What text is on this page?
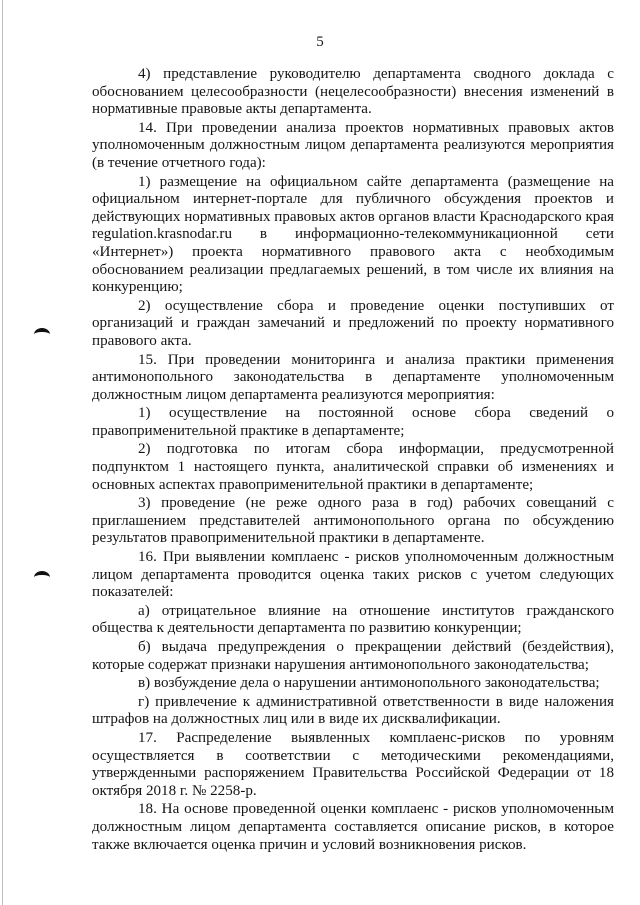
5

4) представление руководителю департамента сводного доклада с обоснованием целесообразности (нецелесообразности) внесения изменений в нормативные правовые акты департамента.

14. При проведении анализа проектов нормативных правовых актов уполномоченным должностным лицом департамента реализуются мероприятия (в течение отчетного года):

1) размещение на официальном сайте департамента (размещение на официальном интернет-портале для публичного обсуждения проектов и действующих нормативных правовых актов органов власти Краснодарского края regulation.krasnodar.ru в информационно-телекоммуникационной сети «Интернет») проекта нормативного правового акта с необходимым обоснованием реализации предлагаемых решений, в том числе их влияния на конкуренцию;

2) осуществление сбора и проведение оценки поступивших от организаций и граждан замечаний и предложений по проекту нормативного правового акта.

15. При проведении мониторинга и анализа практики применения антимонопольного законодательства в департаменте уполномоченным должностным лицом департамента реализуются мероприятия:

1) осуществление на постоянной основе сбора сведений о правоприменительной практике в департаменте;

2) подготовка по итогам сбора информации, предусмотренной подпунктом 1 настоящего пункта, аналитической справки об изменениях и основных аспектах правоприменительной практики в департаменте;

3) проведение (не реже одного раза в год) рабочих совещаний с приглашением представителей антимонопольного органа по обсуждению результатов правоприменительной практики в департаменте.

16. При выявлении комплаенс - рисков уполномоченным должностным лицом департамента проводится оценка таких рисков с учетом следующих показателей:

а) отрицательное влияние на отношение институтов гражданского общества к деятельности департамента по развитию конкуренции;

б) выдача предупреждения о прекращении действий (бездействия), которые содержат признаки нарушения антимонопольного законодательства;

в) возбуждение дела о нарушении антимонопольного законодательства;

г) привлечение к административной ответственности в виде наложения штрафов на должностных лиц или в виде их дисквалификации.

17. Распределение выявленных комплаенс-рисков по уровням осуществляется в соответствии с методическими рекомендациями, утвержденными распоряжением Правительства Российской Федерации от 18 октября 2018 г. № 2258-р.

18. На основе проведенной оценки комплаенс - рисков уполномоченным должностным лицом департамента составляется описание рисков, в которое также включается оценка причин и условий возникновения рисков.
